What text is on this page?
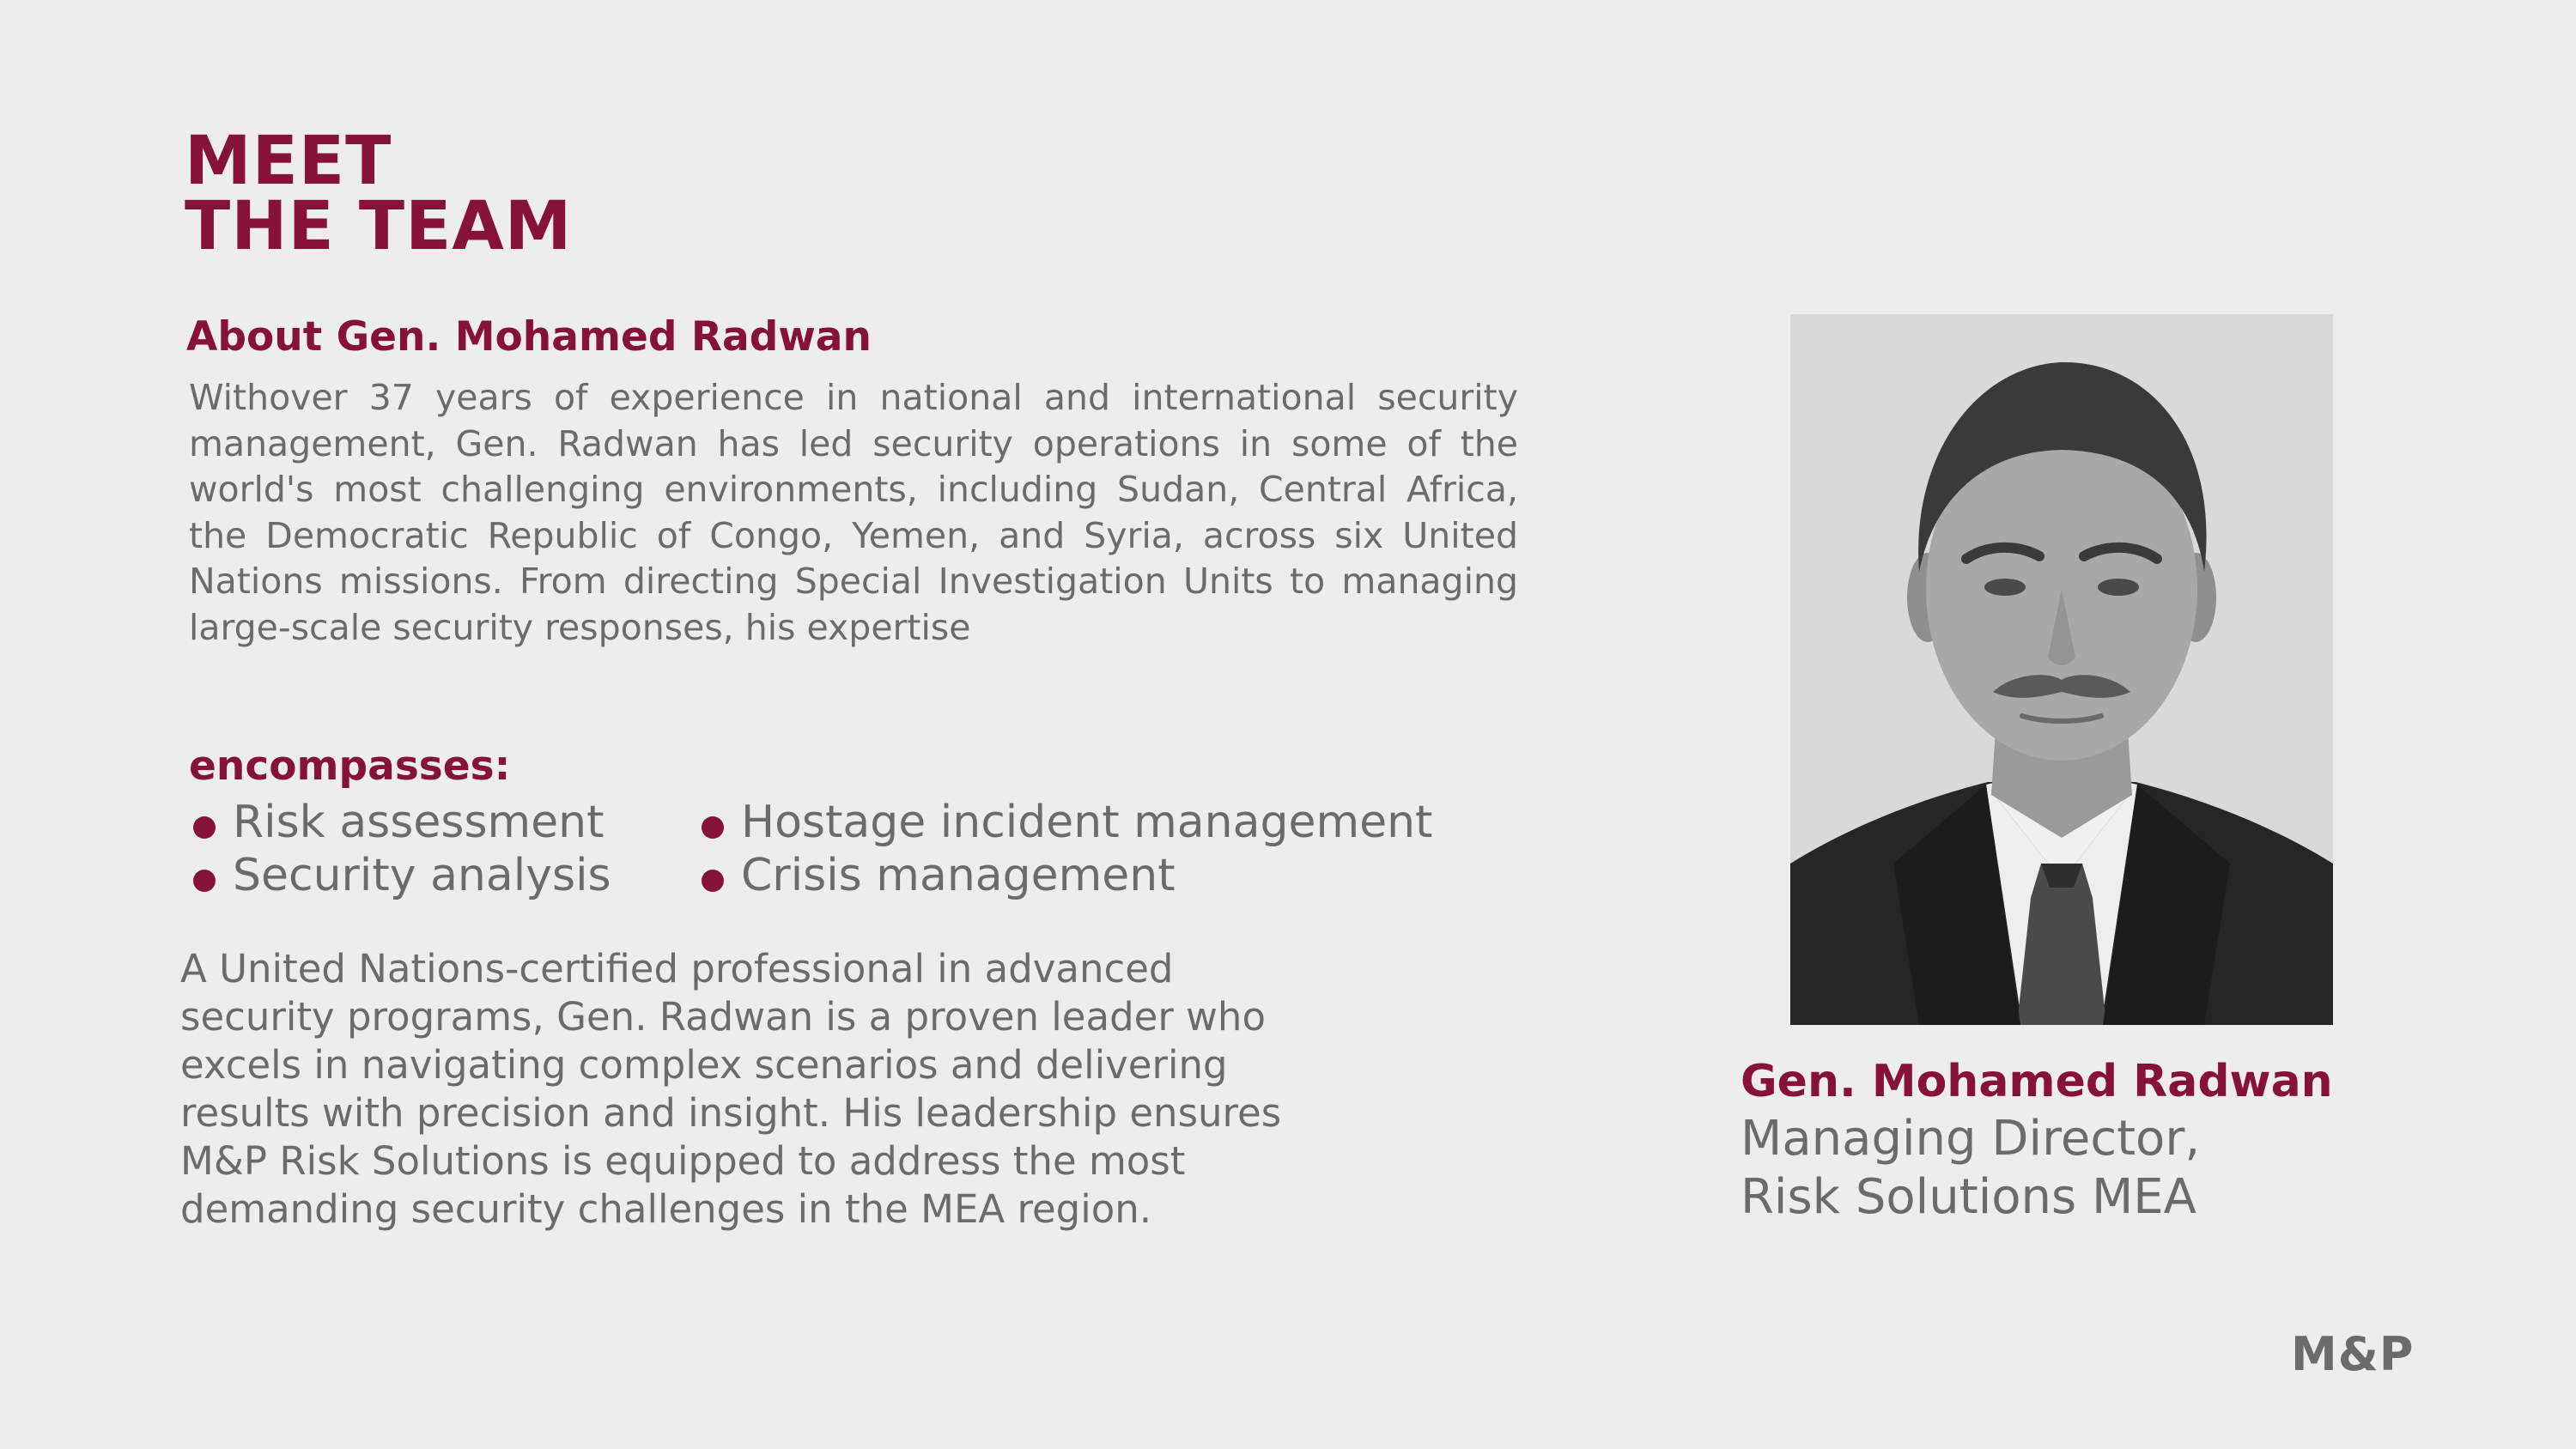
MEET
THE TEAM
About Gen. Mohamed Radwan

Withover 37 years of experience in national and international security management, Gen. Radwan has led security operations in some of the world's most challenging environments, including Sudan, Central Africa, the Democratic Republic of Congo, Yemen, and Syria, across six United Nations missions. From directing Special Investigation Units to managing large-scale security responses, his expertise

encompasses:
Risk assessment
Security analysis
Hostage incident management
Crisis management

A United Nations-certified professional in advanced
security programs, Gen. Radwan is a proven leader who
excels in navigating complex scenarios and delivering
results with precision and insight. His leadership ensures
M&P Risk Solutions is equipped to address the most
demanding security challenges in the MEA region.

Gen. Mohamed Radwan

Managing Director,
Risk Solutions MEA

M&P
